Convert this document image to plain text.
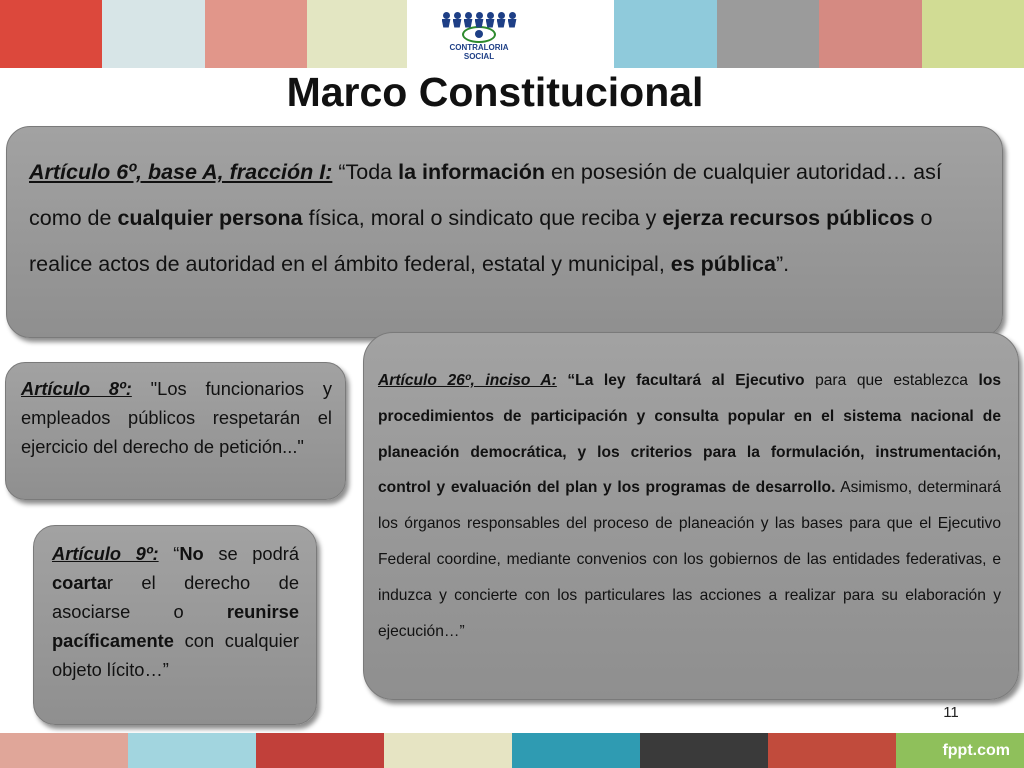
CONTRALORIA
SOCIAL
Marco Constitucional
Artículo 6º, base A, fracción I: “Toda la información en posesión de cualquier autoridad… así como de cualquier persona física, moral o sindicato que reciba y ejerza recursos públicos o realice actos de autoridad en el ámbito federal, estatal y municipal, es pública”.
Artículo 8º: "Los funcionarios y empleados públicos respetarán el ejercicio del derecho de petición..."
Artículo 9º: “No se podrá coartar el derecho de asociarse o reunirse pacíficamente con cualquier objeto lícito…”
Artículo 26º, inciso A: “La ley facultará al Ejecutivo para que establezca los procedimientos de participación y consulta popular en el sistema nacional de planeación democrática, y los criterios para la formulación, instrumentación, control y evaluación del plan y los programas de desarrollo. Asimismo, determinará los órganos responsables del proceso de planeación y las bases para que el Ejecutivo Federal coordine, mediante convenios con los gobiernos de las entidades federativas, e induzca y concierte con los particulares las acciones a realizar para su elaboración y ejecución…”
11
fppt.com
